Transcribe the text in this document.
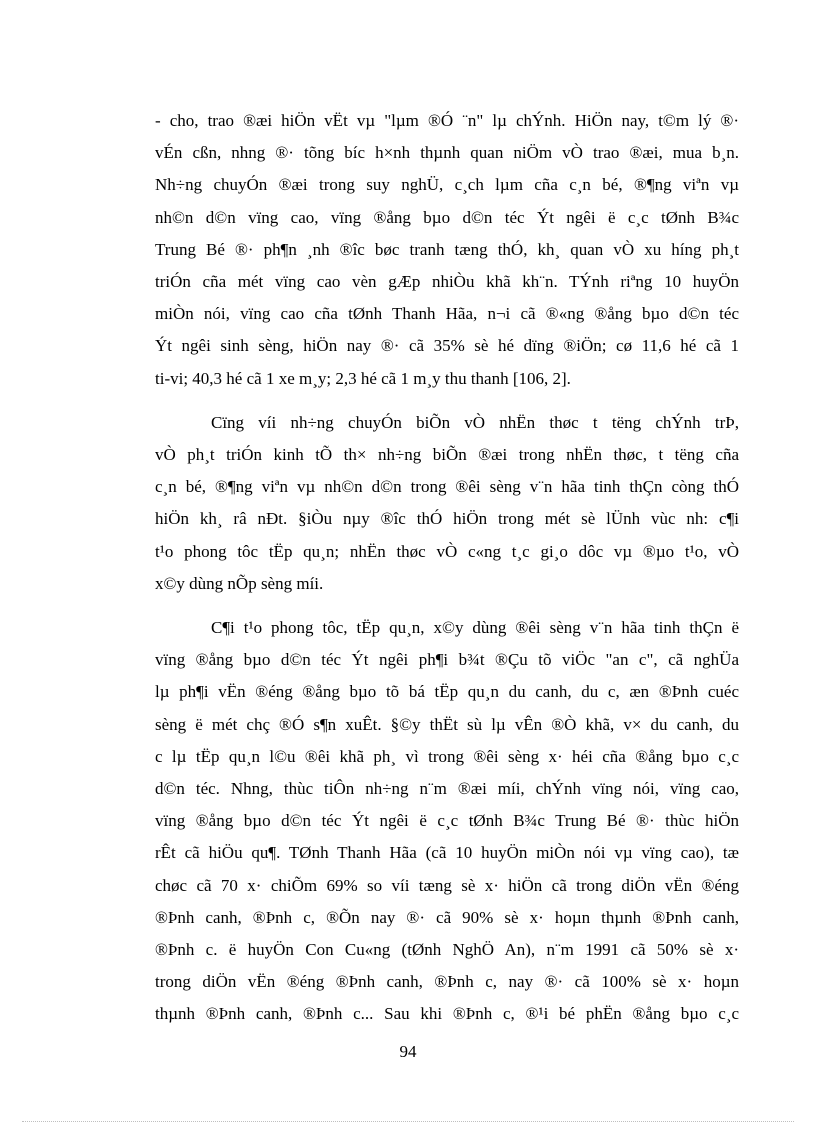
- cho, trao ®æi hiÖn vËt vµ "lµm ®Ó ¨n" lµ chÝnh. HiÖn nay, t©m lý ®·
vÉn cßn, nhng ®· tõng bíc h×nh thµnh quan niÖm vÒ trao ®æi, mua b¸n.
Nh÷ng chuyÓn ®æi trong suy nghÜ, c¸ch lµm cña c¸n bé, ®¶ng viªn vµ
nh©n d©n vïng cao, vïng ®ång bµo d©n téc Ýt ngêi ë c¸c tØnh B¾c
Trung Bé ®· ph¶n ¸nh ®îc bøc tranh tæng thÓ, kh¸ quan vÒ xu híng ph¸t
triÓn cña mét vïng cao vèn gÆp nhiÒu khã kh¨n. TÝnh riªng 10 huyÖn
miÒn nói, vïng cao cña tØnh Thanh Hãa, n¬i cã ®«ng ®ång bµo d©n téc
Ýt ngêi sinh sèng, hiÖn nay ®· cã 35% sè hé dïng ®iÖn; cø 11,6 hé cã 1
ti-vi; 40,3 hé cã 1 xe m¸y; 2,3 hé cã 1 m¸y thu thanh [106, 2].
Cïng víi nh÷ng chuyÓn biÕn vÒ nhËn thøc t tëng chÝnh trÞ,
vÒ ph¸t triÓn kinh tÕ th× nh÷ng biÕn ®æi trong nhËn thøc, t tëng cña
c¸n bé, ®¶ng viªn vµ nh©n d©n trong ®êi sèng v¨n hãa tinh thÇn còng thÓ
hiÖn kh¸ râ nÐt. §iÒu nµy ®îc thÓ hiÖn trong mét sè lÜnh vùc nh: c¶i
t¹o phong tôc tËp qu¸n; nhËn thøc vÒ c«ng t¸c gi¸o dôc vµ ®µo t¹o, vÒ
x©y dùng nÕp sèng míi.
C¶i t¹o phong tôc, tËp qu¸n, x©y dùng ®êi sèng v¨n hãa tinh thÇn ë
vïng ®ång bµo d©n téc Ýt ngêi ph¶i b¾t ®Çu tõ viÖc "an c", cã nghÜa
lµ ph¶i vËn ®éng ®ång bµo tõ bá tËp qu¸n du canh, du c, æn ®Þnh cuéc
sèng ë mét chç ®Ó s¶n xuÊt. §©y thËt sù lµ vÊn ®Ò khã, v× du canh, du
c lµ tËp qu¸n l©u ®êi khã ph¸ vì trong ®êi sèng x· héi cña ®ång bµo c¸c
d©n téc. Nhng, thùc tiÔn nh÷ng n¨m ®æi míi, chÝnh vïng nói, vïng cao,
vïng ®ång bµo d©n téc Ýt ngêi ë c¸c tØnh B¾c Trung Bé ®· thùc hiÖn
rÊt cã hiÖu qu¶. TØnh Thanh Hãa (cã 10 huyÖn miÒn nói vµ vïng cao), tæ
chøc cã 70 x· chiÕm 69% so víi tæng sè x· hiÖn cã trong diÖn vËn ®éng
®Þnh canh, ®Þnh c, ®Õn nay ®· cã 90% sè x· hoµn thµnh ®Þnh canh,
®Þnh c. ë huyÖn Con Cu«ng (tØnh NghÖ An), n¨m 1991 cã 50% sè x·
trong diÖn vËn ®éng ®Þnh canh, ®Þnh c, nay ®· cã 100% sè x· hoµn
thµnh ®Þnh canh, ®Þnh c... Sau khi ®Þnh c, ®¹i bé phËn ®ång bµo c¸c
94
